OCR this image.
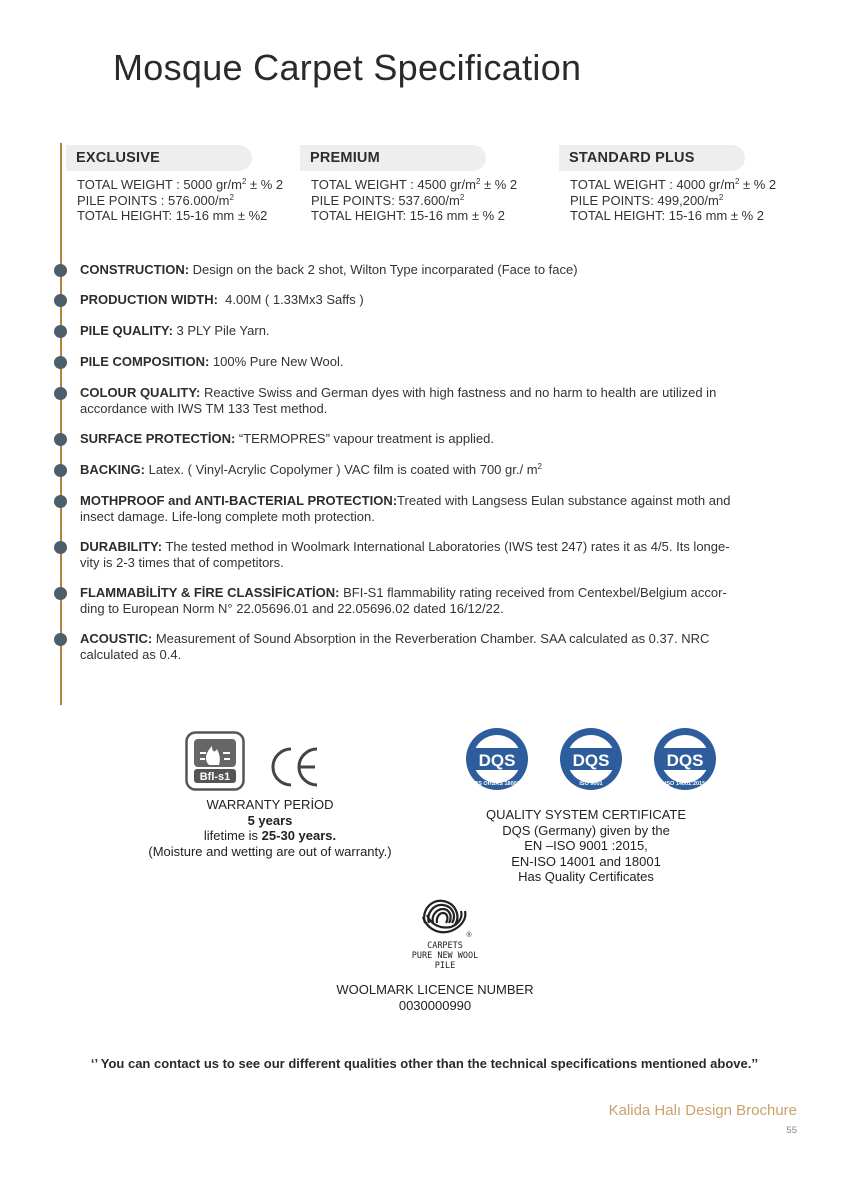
Mosque Carpet Specification
EXCLUSIVE
TOTAL WEIGHT : 5000 $gr/m^2$ ± % 2
PILE POINTS : $576.000/m^2$
TOTAL HEIGHT: 15-16 mm ± %2
PREMIUM
TOTAL WEIGHT : 4500 $gr/m^2$ ± % 2
PILE POINTS: $537.600/m^2$
TOTAL HEIGHT: 15-16 mm ± % 2
STANDARD PLUS
TOTAL WEIGHT : 4000 $gr/m^2$ ± % 2
PILE POINTS: $499,200/m^2$
TOTAL HEIGHT: 15-16 mm ± % 2
CONSTRUCTION: Design on the back 2 shot, Wilton Type incorparated (Face to face)
PRODUCTION WIDTH:  4.00M ( 1.33Mx3 Saffs )
PILE QUALITY: 3 PLY Pile Yarn.
PILE COMPOSITION: 100% Pure New Wool.
COLOUR QUALITY: Reactive Swiss and German dyes with high fastness and no harm to health are utilized in accordance with IWS TM 133 Test method.
SURFACE PROTECTİON: “TERMOPRES” vapour treatment is applied.
BACKING: Latex. ( Vinyl-Acrylic Copolymer ) VAC film is coated with 700 gr./ $m^2$
MOTHPROOF and ANTI-BACTERIAL PROTECTION:Treated with Langsess Eulan substance against moth and insect damage. Life-long complete moth protection.
DURABILITY: The tested method in Woolmark International Laboratories (IWS test 247) rates it as 4/5. Its longe-vity is 2-3 times that of competitors.
FLAMMABİLİTY & FİRE CLASSİFİCATİON: BFI-S1 flammability rating received from Centexbel/Belgium accor-ding to European Norm N° 22.05696.01 and 22.05696.02 dated 16/12/22.
ACOUSTIC: Measurement of Sound Absorption in the Reverberation Chamber. SAA calculated as 0.37. NRC calculated as 0.4.
Bfl-s1

WARRANTY PERİOD
5 years
lifetime is 25-30 years.
(Moisture and wetting are out of warranty.)
DQS
BS OHSAS 18001
DQS
ISO 9001
DQS
ISO 14001:2015
QUALITY SYSTEM CERTIFICATE
DQS (Germany) given by the
EN –ISO 9001 :2015,
EN-ISO 14001 and 18001
Has Quality Certificates
®
CARPETS
PURE NEW WOOL
PILE
WOOLMARK LICENCE NUMBER
0030000990
‘’ You can contact us to see our different qualities other than the technical specifications mentioned above.’’
Kalida Halı Design Brochure
55
